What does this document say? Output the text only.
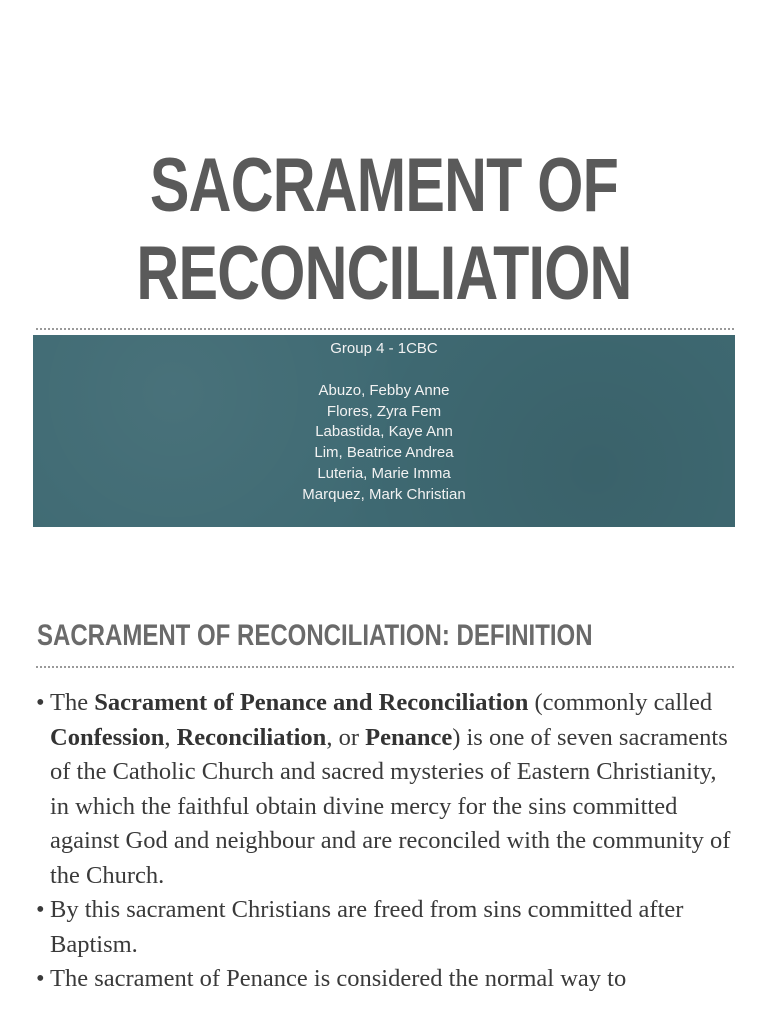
SACRAMENT OF
RECONCILIATION
Group 4 - 1CBC
Abuzo, Febby Anne
Flores, Zyra Fem
Labastida, Kaye Ann
Lim, Beatrice Andrea
Luteria, Marie Imma
Marquez, Mark Christian
SACRAMENT OF RECONCILIATION: DEFINITION

• The Sacrament of Penance and Reconciliation (commonly called Confession, Reconciliation, or Penance) is one of seven sacraments of the Catholic Church and sacred mysteries of Eastern Christianity, in which the faithful obtain divine mercy for the sins committed against God and neighbour and are reconciled with the community of the Church.

• By this sacrament Christians are freed from sins committed after Baptism.

• The sacrament of Penance is considered the normal way to
